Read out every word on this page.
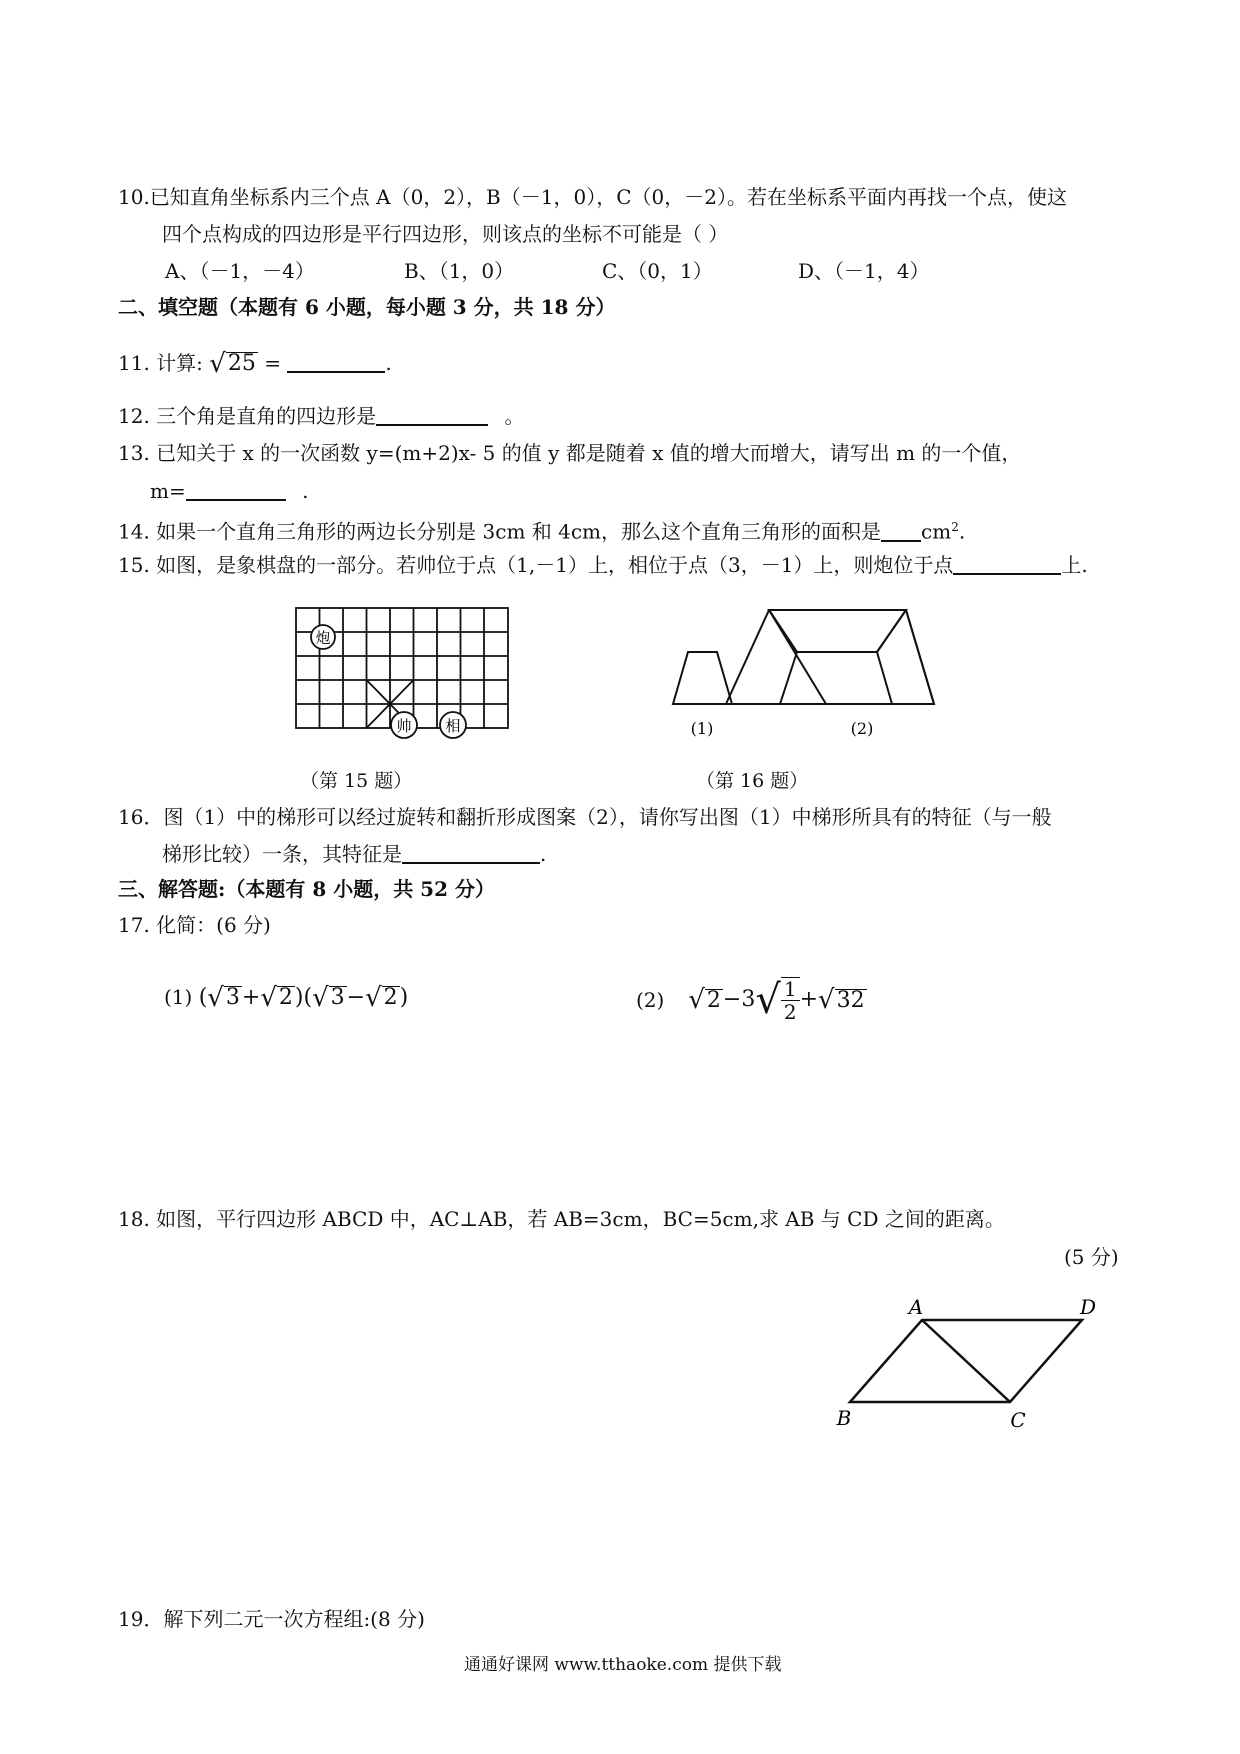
10.已知直角坐标系内三个点 A（0，2），B（－1，0），C（0，－2）。若在坐标系平面内再找一个点，使这
四个点构成的四边形是平行四边形，则该点的坐标不可能是（ ）
A、（－1，－4）	B、（1，0）	C、（0，1）	D、（－1，4）
二、填空题（本题有 6 小题，每小题 3 分，共 18 分）
11. 计算: √25 =	.
12. 三个角是直角的四边形是	。
13. 已知关于 x 的一次函数 y=(m+2)x- 5 的值 y 都是随着 x 值的增大而增大，请写出 m 的一个值，
m=	.
14. 如果一个直角三角形的两边长分别是 3cm 和 4cm，那么这个直角三角形的面积是 $cm^2$.
15. 如图，是象棋盘的一部分。若帅位于点（1,－1）上，相位于点（3，－1）上，则炮位于点	上.
炮
帅 相	(1)	(2)
（第 15 题）	（第 16 题）
16．图（1）中的梯形可以经过旋转和翻折形成图案（2），请你写出图（1）中梯形所具有的特征（与一般
梯形比较）一条，其特征是	.
三、解答题:（本题有 8 小题，共 52 分）
17. 化简：(6 分)
(1) (√3+√2)(√3−√2)	(2) √ 2 − 3 √ $\frac{1}{2}$ + √ 32
18. 如图，平行四边形 ABCD 中，AC⊥AB，若 AB=3cm，BC=5cm,求 AB 与 CD 之间的距离。
(5 分)
A	D
B	C
19．解下列二元一次方程组:(8 分)
通通好课网 www.tthaoke.com 提供下载
